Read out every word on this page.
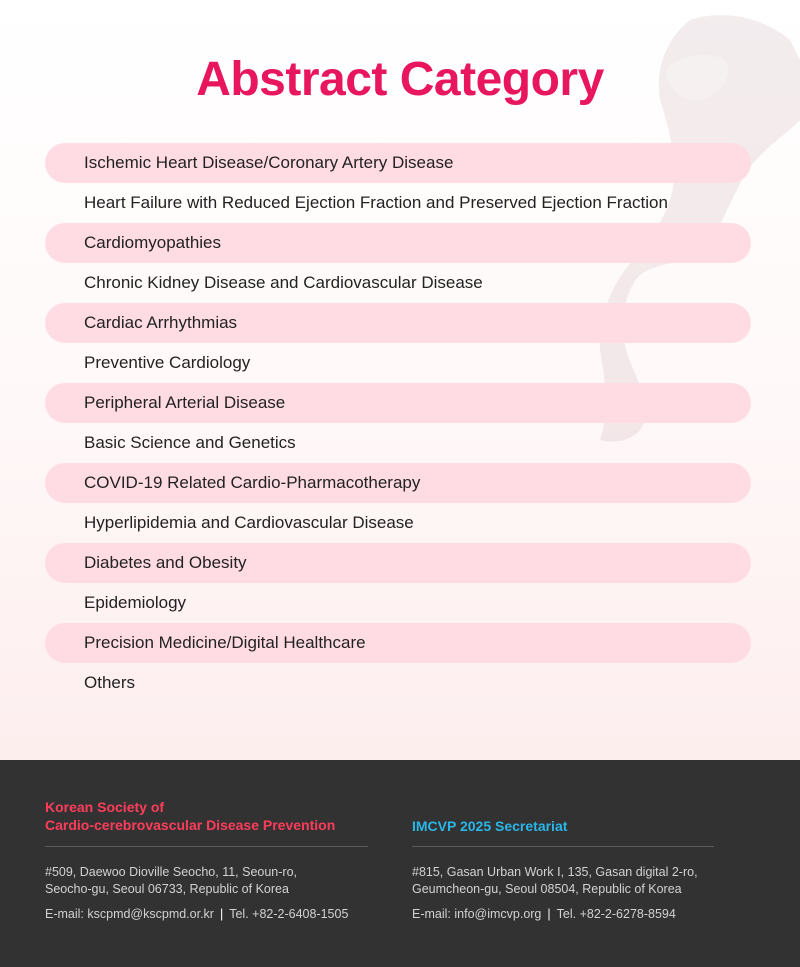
Abstract Category
Ischemic Heart Disease/Coronary Artery Disease
Heart Failure with Reduced Ejection Fraction and Preserved Ejection Fraction
Cardiomyopathies
Chronic Kidney Disease and Cardiovascular Disease
Cardiac Arrhythmias
Preventive Cardiology
Peripheral Arterial Disease
Basic Science and Genetics
COVID-19 Related Cardio-Pharmacotherapy
Hyperlipidemia and Cardiovascular Disease
Diabetes and Obesity
Epidemiology
Precision Medicine/Digital Healthcare
Others
Korean Society of
Cardio-cerebrovascular Disease Prevention
#509, Daewoo Dioville Seocho, 11, Seoun-ro,
Seocho-gu, Seoul 06733, Republic of Korea
E-mail: kscpmd@kscpmd.or.kr | Tel. +82-2-6408-1505
IMCVP 2025 Secretariat
#815, Gasan Urban Work Ⅰ, 135, Gasan digital 2-ro,
Geumcheon-gu, Seoul 08504, Republic of Korea
E-mail: info@imcvp.org | Tel. +82-2-6278-8594
